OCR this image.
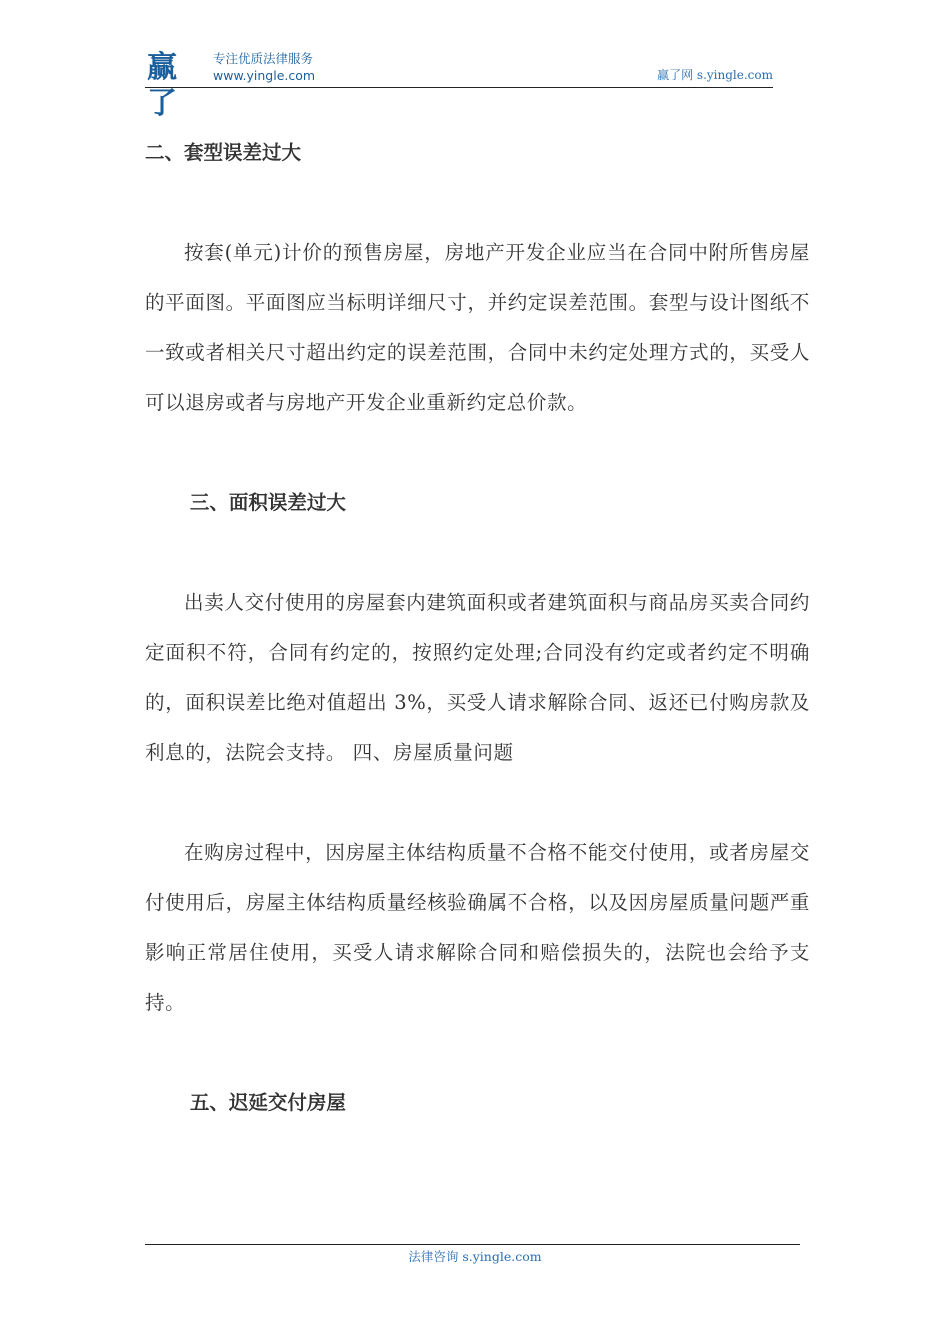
赢了
专注优质法律服务
www.yingle.com	赢了网 s.yingle.com

二、套型误差过大

按套(单元)计价的预售房屋，房地产开发企业应当在合同中附所售房屋的平面图。平面图应当标明详细尺寸，并约定误差范围。套型与设计图纸不一致或者相关尺寸超出约定的误差范围，合同中未约定处理方式的，买受人可以退房或者与房地产开发企业重新约定总价款。

三、面积误差过大

出卖人交付使用的房屋套内建筑面积或者建筑面积与商品房买卖合同约定面积不符，合同有约定的，按照约定处理;合同没有约定或者约定不明确的，面积误差比绝对值超出 3%，买受人请求解除合同、返还已付购房款及利息的，法院会支持。 四、房屋质量问题

在购房过程中，因房屋主体结构质量不合格不能交付使用，或者房屋交付使用后，房屋主体结构质量经核验确属不合格，以及因房屋质量问题严重影响正常居住使用，买受人请求解除合同和赔偿损失的，法院也会给予支持。

五、迟延交付房屋

法律咨询 s.yingle.com
